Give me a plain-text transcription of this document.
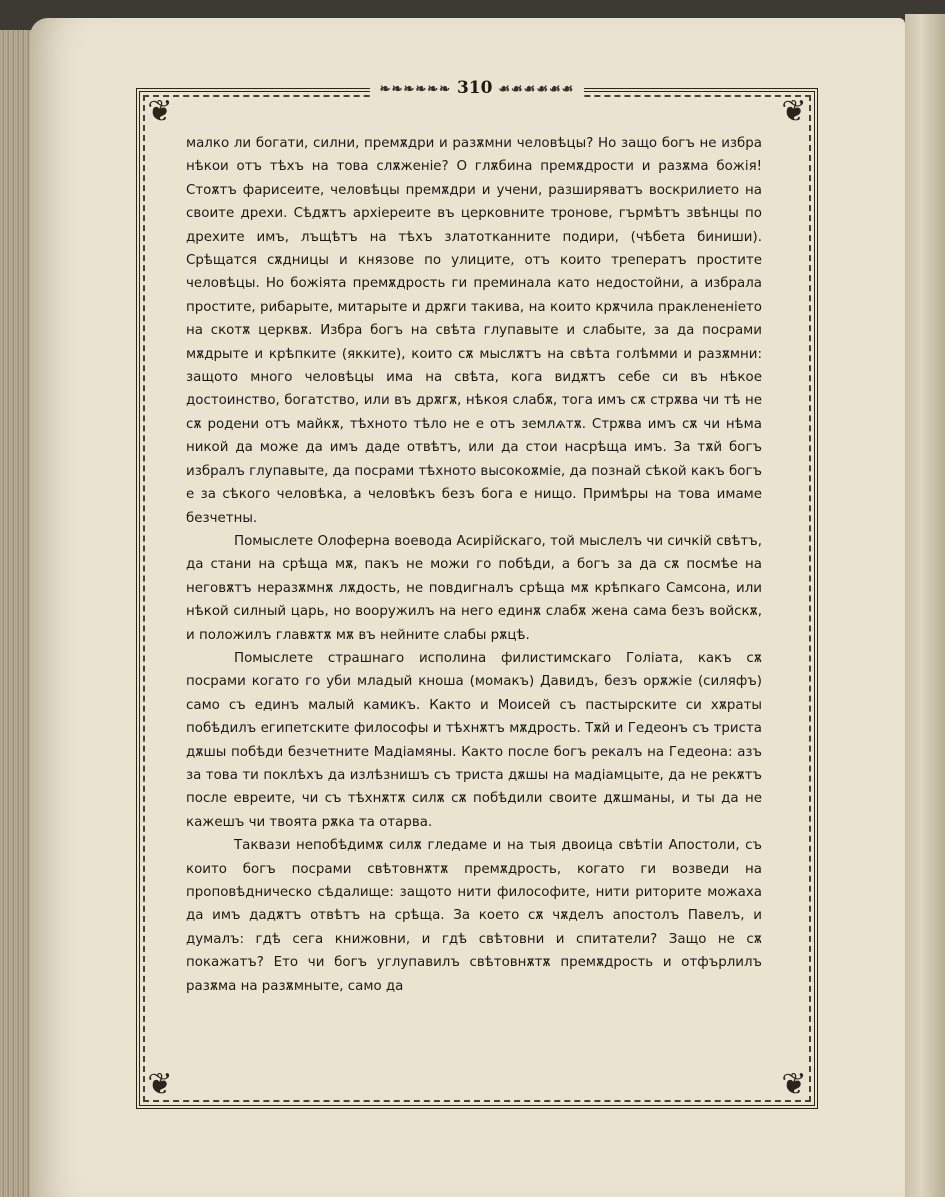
❦	❦
❦	❦
❧❧❧❧❧❧ 310 ☙☙☙☙☙☙

малко ли богати, силни, премѫдри и разѫмни человѣцы? Но защо богъ не избра нѣкои отъ тѣхъ на това слѫженіе? О глѫбина премѫдрости и разѫма божія! Стоѫтъ фарисеите, человѣцы премѫдри и учени, разширяватъ воскрилието на своите дрехи. Сѣдѫтъ архіереите въ церковните тронове, гърмѣтъ звѣнцы по дрехите имъ, лъщѣтъ на тѣхъ златотканните подири, (чѣбета биниши). Срѣщатся сѫдницы и князове по улиците, отъ които треператъ простите человѣцы. Но божіята премѫдрость ги преминала като недостойни, а избрала простите, рибарыте, митарыте и дрѫги такива, на които крѫчила праклененіето на скотѫ церквѫ. Избра богъ на свѣта глупавыте и слабыте, за да посрами мѫдрыте и крѣпките (якките), които сѫ мыслѫтъ на свѣта голѣмми и разѫмни: защото много человѣцы има на свѣта, кога видѫтъ себе си въ нѣкое достоинство, богатство, или въ дрѫгѫ, нѣкоя слабѫ, тога имъ сѫ стрѫва чи тѣ не сѫ родени отъ майкѫ, тѣхното тѣло не е отъ землѧтѫ. Стрѫва имъ сѫ чи нѣма никой да може да имъ даде отвѣтъ, или да стои насрѣща имъ. За тѫй богъ избралъ глупавыте, да посрами тѣхното высокоѫміе, да познай сѣкой какъ богъ е за сѣкого человѣка, а человѣкъ безъ бога е нищо. Примѣры на това имаме безчетны.

Помыслете Олоферна воевода Асирійскаго, той мыслелъ чи сичкій свѣтъ, да стани на срѣща мѫ, пакъ не можи го побѣди, а богъ за да сѫ посмѣе на неговѫтъ неразѫмнѫ лѫдость, не повдигналъ срѣща мѫ крѣпкаго Самсона, или нѣкой силный царь, но вооружилъ на него единѫ слабѫ жена сама безъ войскѫ, и положилъ главѫтѫ мѫ въ нейните слабы рѫцѣ.

Помыслете страшнаго исполина филистимскаго Голіата, какъ сѫ посрами когато го уби младый кноша (момакъ) Давидъ, безъ орѫжіе (силяфъ) само съ единъ малый камикъ. Както и Моисей съ пастырските си хѫраты побѣдилъ египетските философы и тѣхнѫтъ мѫдрость. Тѫй и Гедеонъ съ триста дѫшы побѣди безчетните Мадіамяны. Както после богъ рекалъ на Гедеона: азъ за това ти поклѣхъ да излѣзнишъ съ триста дѫшы на мадіамцыте, да не рекѫтъ после евреите, чи съ тѣхнѫтѫ силѫ сѫ побѣдили своите дѫшманы, и ты да не кажешъ чи твоята рѫка та отарва.

Таквази непобѣдимѫ силѫ гледаме и на тыя двоица свѣтіи Апостоли, съ които богъ посрами свѣтовнѫтѫ премѫдрость, когато ги возведи на проповѣдническо сѣдалище: защото нити философите, нити риторите можаха да имъ дадѫтъ отвѣтъ на срѣща. За което сѫ чѫделъ апостолъ Павелъ, и думалъ: гдѣ сега книжовни, и гдѣ свѣтовни и спитатели? Защо не сѫ покажатъ? Ето чи богъ углупавилъ свѣтовнѫтѫ премѫдрость и отфърлилъ разѫма на разѫмныте, само да
